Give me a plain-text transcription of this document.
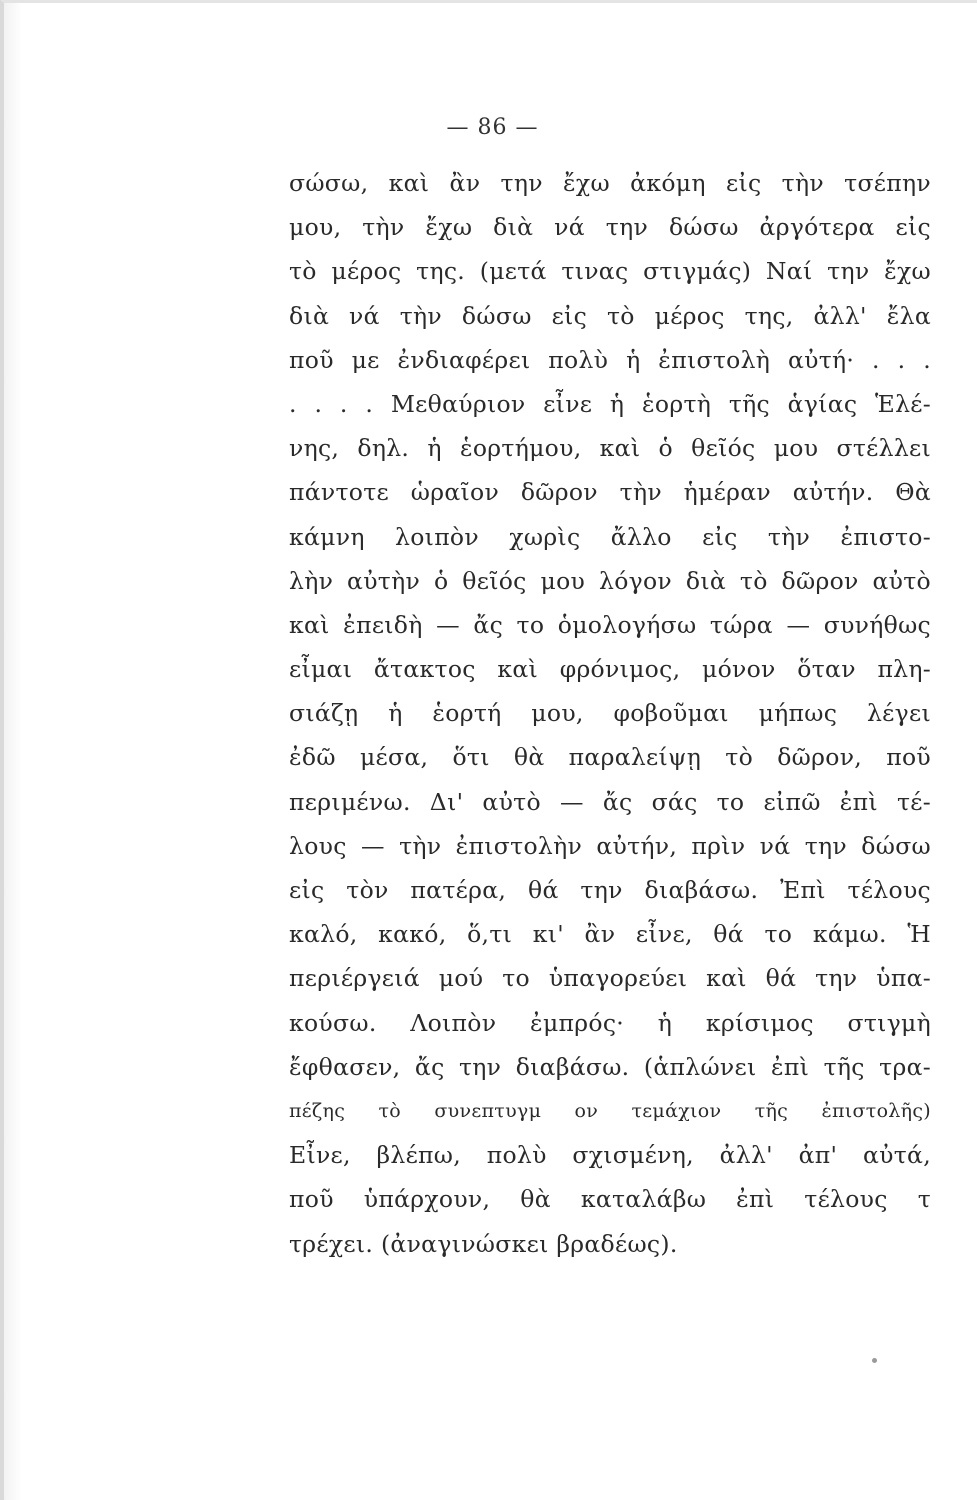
— 86 —
σώσω, καὶ ἂν την ἔχω ἀκόμη εἰς τὴν τσέπην
μου, τὴν ἔχω διὰ νά την δώσω ἀργότερα εἰς
τὸ μέρος της. (μετά τινας στιγμάς) Ναί την ἔχω
διὰ νά τὴν δώσω εἰς τὸ μέρος της, ἀλλ' ἔλα
ποῦ με ἐνδιαφέρει πολὺ ἡ ἐπιστολὴ αὐτή· . . .
. . . . Μεθαύριον εἶνε ἡ ἑορτὴ τῆς ἁγίας Ἑλέ-
νης, δηλ. ἡ ἑορτήμου, καὶ ὁ θεῖός μου στέλλει
πάντοτε ὡραῖον δῶρον τὴν ἡμέραν αὐτήν. Θὰ
κάμνη λοιπὸν χωρὶς ἄλλο εἰς τὴν ἐπιστο-
λὴν αὐτὴν ὁ θεῖός μου λόγον διὰ τὸ δῶρον αὐτὸ
καὶ ἐπειδὴ — ἄς το ὁμολογήσω τώρα — συνήθως
εἶμαι ἄτακτος καὶ φρόνιμος, μόνον ὅταν πλη-
σιάζῃ ἡ ἑορτή μου, φοβοῦμαι μήπως λέγει
ἐδῶ μέσα, ὅτι θὰ παραλείψῃ τὸ δῶρον, ποῦ
περιμένω. Δι' αὐτὸ — ἄς σάς το εἰπῶ ἐπὶ τέ-
λους — τὴν ἐπιστολὴν αὐτήν, πρὶν νά την δώσω
εἰς τὸν πατέρα, θά την διαβάσω. Ἐπὶ τέλους
καλό, κακό, ὅ,τι κι' ἂν εἶνε, θά το κάμω. Ἡ
περιέργειά μού το ὑπαγορεύει καὶ θά την ὑπα-
κούσω. Λοιπὸν ἐμπρός· ἡ κρίσιμος στιγμὴ
ἔφθασεν, ἄς την διαβάσω. (ἁπλώνει ἐπὶ τῆς τρα-
πέζης τὸ συνεπτυγμ ον τεμάχιον τῆς ἐπιστολῆς)
Εἶνε, βλέπω, πολὺ σχισμένη, ἀλλ' ἀπ' αὐτά,
ποῦ ὑπάρχουν, θὰ καταλάβω ἐπὶ τέλους τ
τρέχει. (ἀναγινώσκει βραδέως).
